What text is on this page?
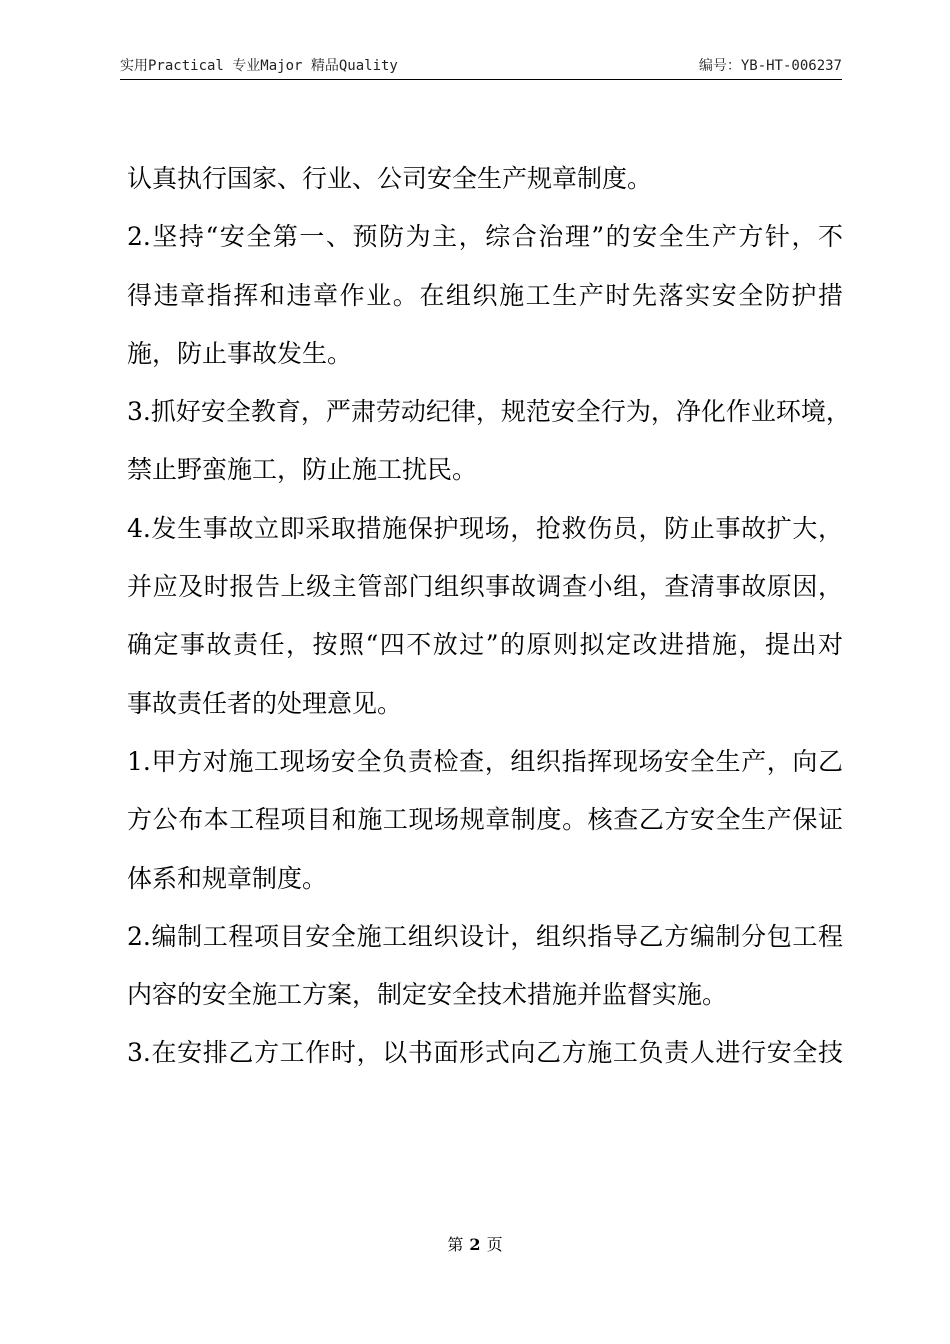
实用Practical 专业Major 精品Quality	编号：YB-HT-006237
认真执行国家、行业、公司安全生产规章制度。
2.坚持“安全第一、预防为主，综合治理”的安全生产方针，不
得违章指挥和违章作业。在组织施工生产时先落实安全防护措
施，防止事故发生。
3.抓好安全教育，严肃劳动纪律，规范安全行为，净化作业环境，
禁止野蛮施工，防止施工扰民。
4.发生事故立即采取措施保护现场，抢救伤员，防止事故扩大，
并应及时报告上级主管部门组织事故调查小组，查清事故原因，
确定事故责任，按照“四不放过”的原则拟定改进措施，提出对
事故责任者的处理意见。
1.甲方对施工现场安全负责检查，组织指挥现场安全生产，向乙
方公布本工程项目和施工现场规章制度。核查乙方安全生产保证
体系和规章制度。
2.编制工程项目安全施工组织设计，组织指导乙方编制分包工程
内容的安全施工方案，制定安全技术措施并监督实施。
3.在安排乙方工作时，以书面形式向乙方施工负责人进行安全技
第 2 页
